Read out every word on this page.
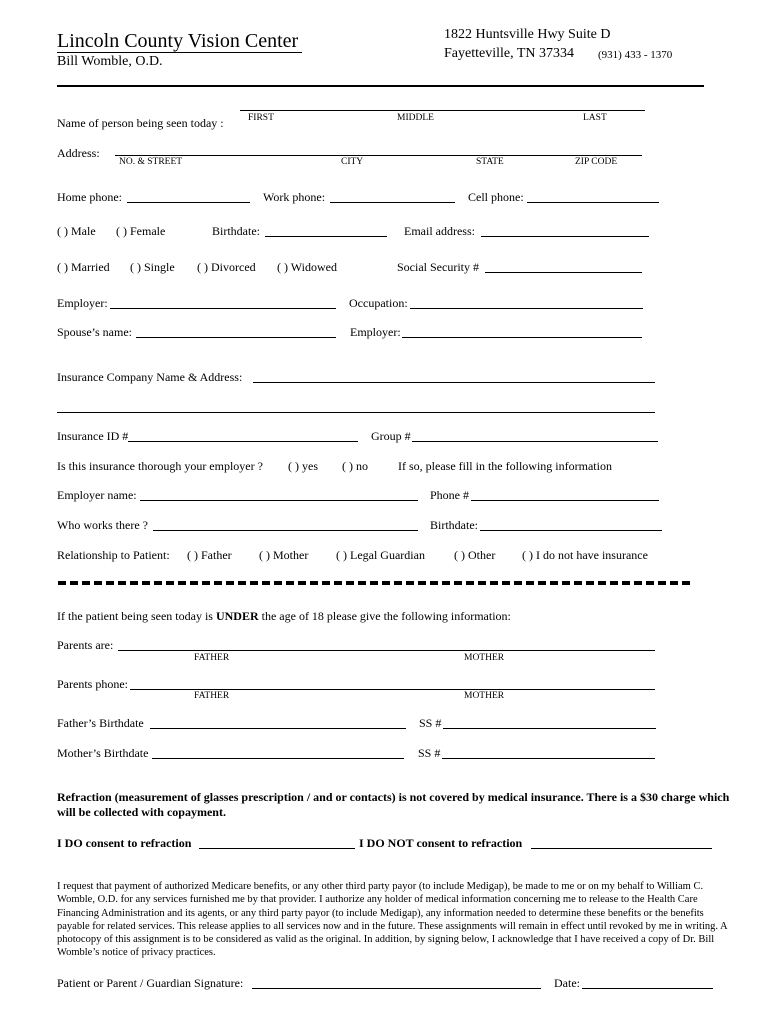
Lincoln County Vision Center
Bill Womble, O.D.
1822 Huntsville Hwy Suite D
Fayetteville, TN 37334 (931) 433 - 1370
Name of person being seen today :	FIRST	MIDDLE	LAST
Address:
NO. & STREET	CITY	STATE	ZIP CODE
Home phone:	Work phone:	Cell phone:
( ) Male ( ) Female	Birthdate:	Email address:
( ) Married ( ) Single ( ) Divorced ( ) Widowed	Social Security #
Employer:	Occupation:
Spouse’s name:	Employer:
Insurance Company Name & Address:
Insurance ID #	Group #
Is this insurance thorough your employer ? ( ) yes ( ) no	If so, please fill in the following information
Employer name:	Phone #
Who works there ?	Birthdate:
Relationship to Patient: ( ) Father ( ) Mother ( ) Legal Guardian ( ) Other ( ) I do not have insurance
If the patient being seen today is UNDER the age of 18 please give the following information:
Parents are:
FATHER	MOTHER
Parents phone:
FATHER	MOTHER
Father’s Birthdate	SS #
Mother’s Birthdate	SS #
Refraction (measurement of glasses prescription / and or contacts) is not covered by medical insurance. There is a $30 charge which will be collected with copayment.
I DO consent to refraction	I DO NOT consent to refraction
I request that payment of authorized Medicare benefits, or any other third party payor (to include Medigap), be made to me or on my behalf to William C. Womble, O.D. for any services furnished me by that provider. I authorize any holder of medical information concerning me to release to the Health Care Financing Administration and its agents, or any third party payor (to include Medigap), any information needed to determine these benefits or the benefits payable for related services. This release applies to all services now and in the future. These assignments will remain in effect until revoked by me in writing. A photocopy of this assignment is to be considered as valid as the original. In addition, by signing below, I acknowledge that I have received a copy of Dr. Bill Womble’s notice of privacy practices.
Patient or Parent / Guardian Signature:	Date:
